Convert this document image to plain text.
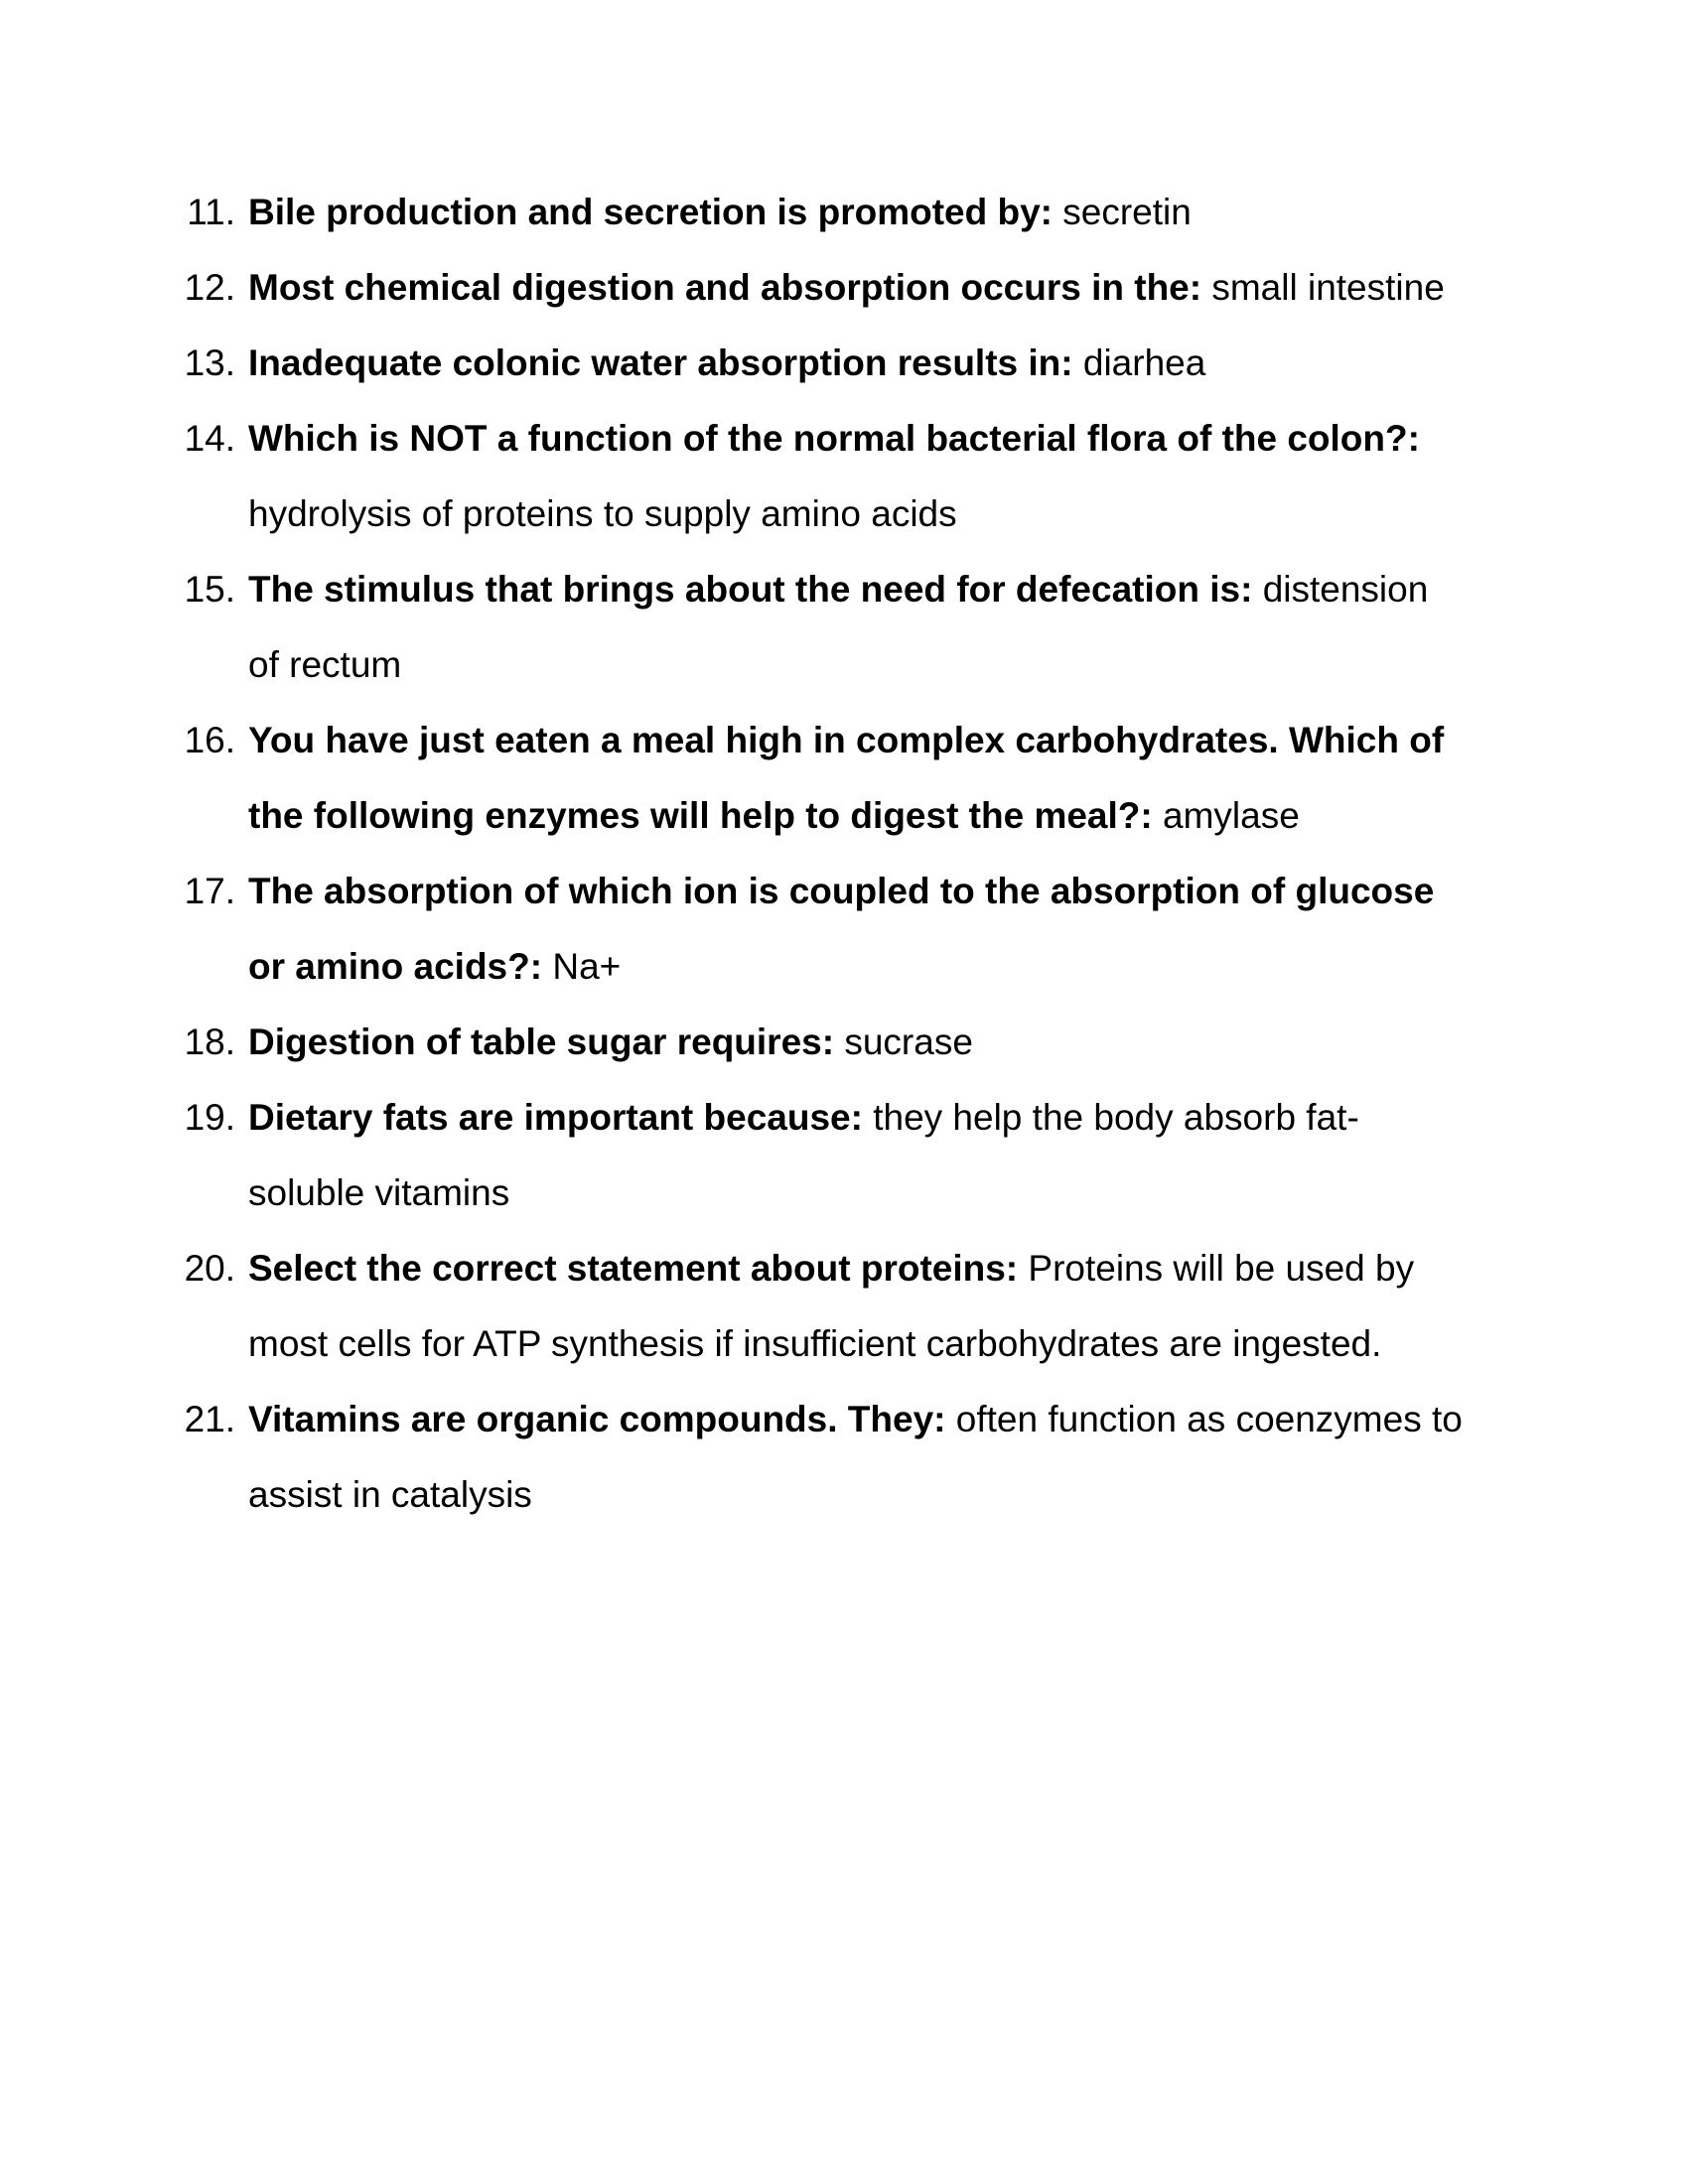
11. Bile production and secretion is promoted by: secretin
12. Most chemical digestion and absorption occurs in the: small intestine
13. Inadequate colonic water absorption results in: diarhea
14. Which is NOT a function of the normal bacterial flora of the colon?: hydrolysis of proteins to supply amino acids
15. The stimulus that brings about the need for defecation is: distension of rectum
16. You have just eaten a meal high in complex carbohydrates. Which of the following enzymes will help to digest the meal?: amylase
17. The absorption of which ion is coupled to the absorption of glucose or amino acids?: Na+
18. Digestion of table sugar requires: sucrase
19. Dietary fats are important because: they help the body absorb fat-soluble vitamins
20. Select the correct statement about proteins: Proteins will be used by most cells for ATP synthesis if insufficient carbohydrates are ingested.
21. Vitamins are organic compounds. They: often function as coenzymes to assist in catalysis
